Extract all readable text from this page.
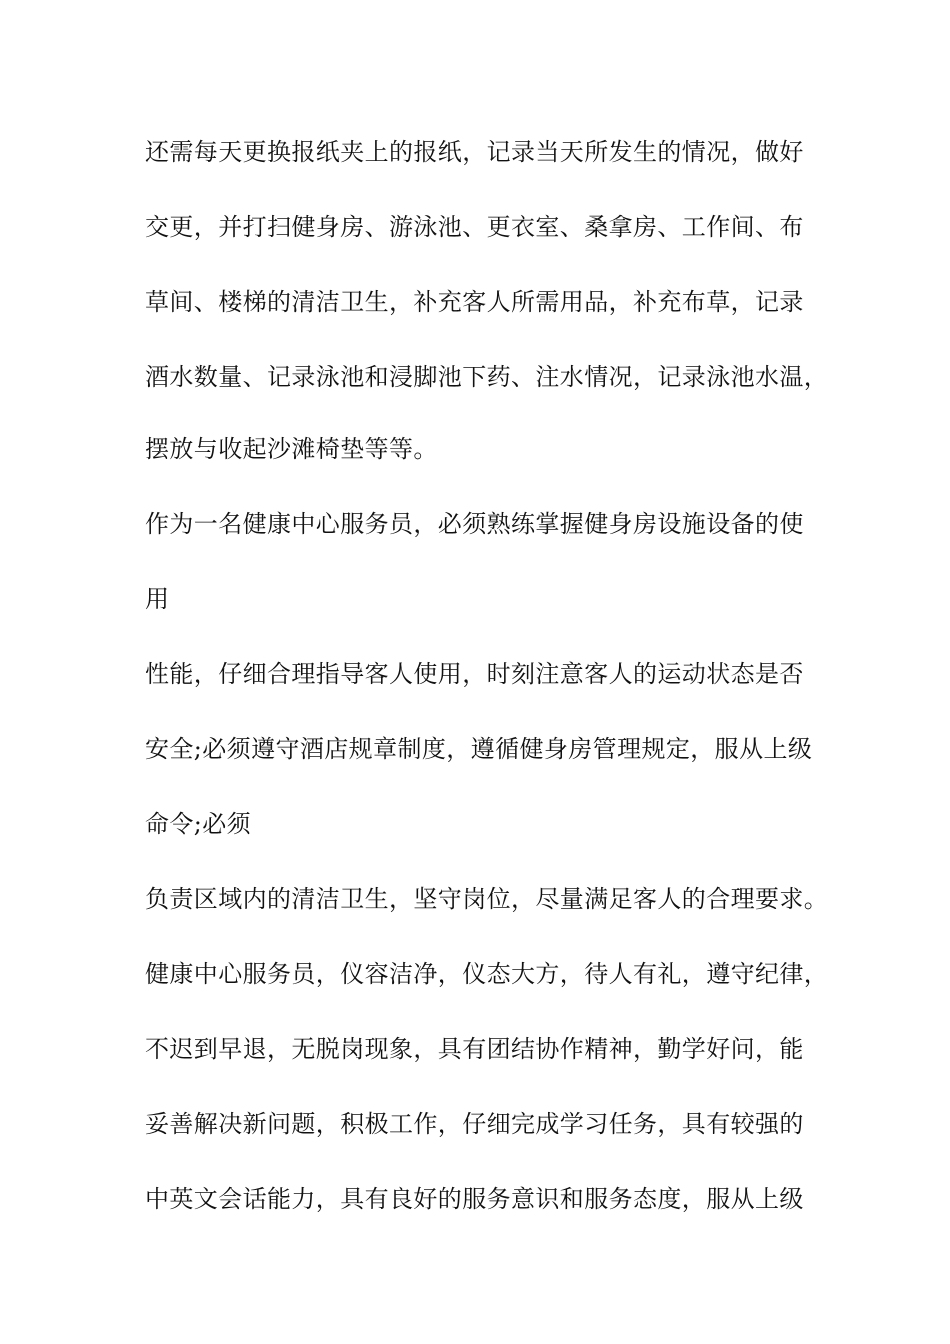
还需每天更换报纸夹上的报纸，记录当天所发生的情况，做好
交更，并打扫健身房、游泳池、更衣室、桑拿房、工作间、布
草间、楼梯的清洁卫生，补充客人所需用品，补充布草，记录
酒水数量、记录泳池和浸脚池下药、注水情况，记录泳池水温，
摆放与收起沙滩椅垫等等。
作为一名健康中心服务员，必须熟练掌握健身房设施设备的使
用
性能，仔细合理指导客人使用，时刻注意客人的运动状态是否
安全;必须遵守酒店规章制度，遵循健身房管理规定，服从上级
命令;必须
负责区域内的清洁卫生，坚守岗位，尽量满足客人的合理要求。
健康中心服务员，仪容洁净，仪态大方，待人有礼，遵守纪律，
不迟到早退，无脱岗现象，具有团结协作精神，勤学好问，能
妥善解决新问题，积极工作，仔细完成学习任务，具有较强的
中英文会话能力，具有良好的服务意识和服务态度，服从上级
